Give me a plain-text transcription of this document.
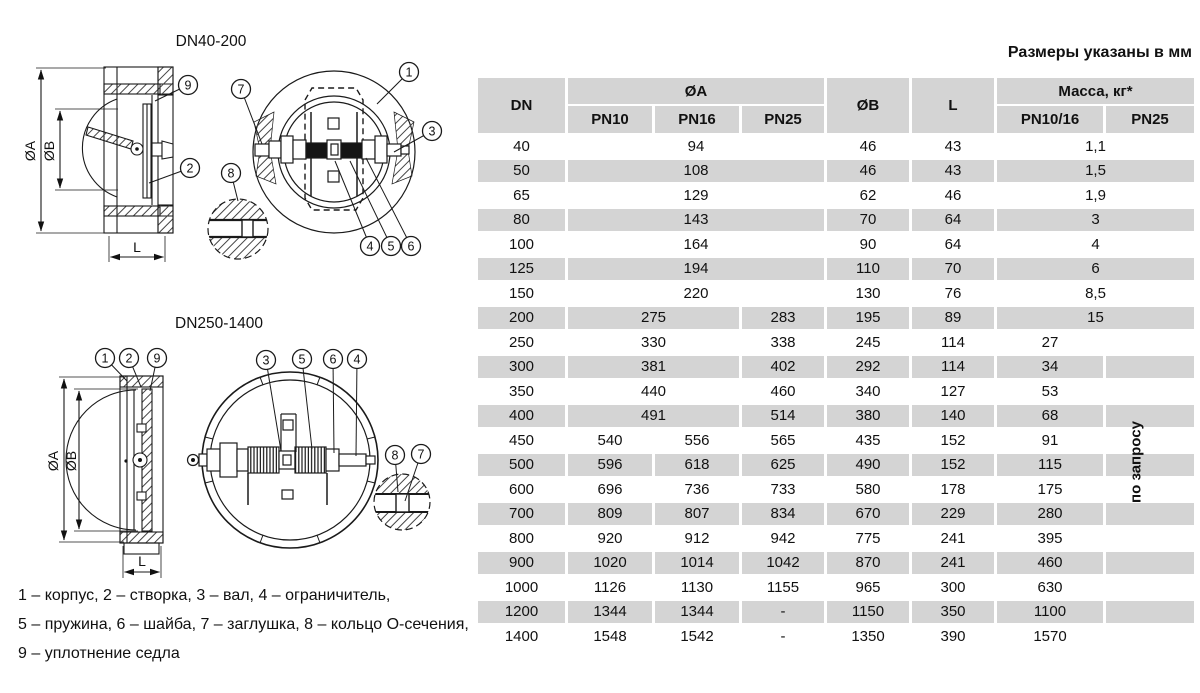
DN40-200
DN250-1400
ØA ØB
L
ØA ØB
L
9
2
1
7
3
8
4 5 6
1 2 9	3 5 6 4
8 7
Размеры указаны в мм
DN	ØA			ØB	L	Масса, кг*	
	PN10	PN16	PN25			PN10/16	PN25
40	94			46	43	1,1	
50	108			46	43	1,5	
65	129			62	46	1,9	
80	143			70	64	3	
100	164			90	64	4	
125	194			110	70	6	
150	220			130	76	8,5	
200	275		283	195	89	15	
250	330		338	245	114	27	
300	381		402	292	114	34	
350	440		460	340	127	53	
400	491		514	380	140	68	
450	540	556	565	435	152	91	
500	596	618	625	490	152	115	
600	696	736	733	580	178	175	
700	809	807	834	670	229	280	
800	920	912	942	775	241	395	
900	1020	1014	1042	870	241	460	
1000	1126	1130	1155	965	300	630	
1200	1344	1344	-	1150	350	1100	
1400	1548	1542	-	1350	390	1570	
по запросу
1 – корпус, 2 – створка, 3 – вал, 4 – ограничитель,
5 – пружина, 6 – шайба, 7 – заглушка, 8 – кольцо О-сечения,
9 – уплотнение седла
